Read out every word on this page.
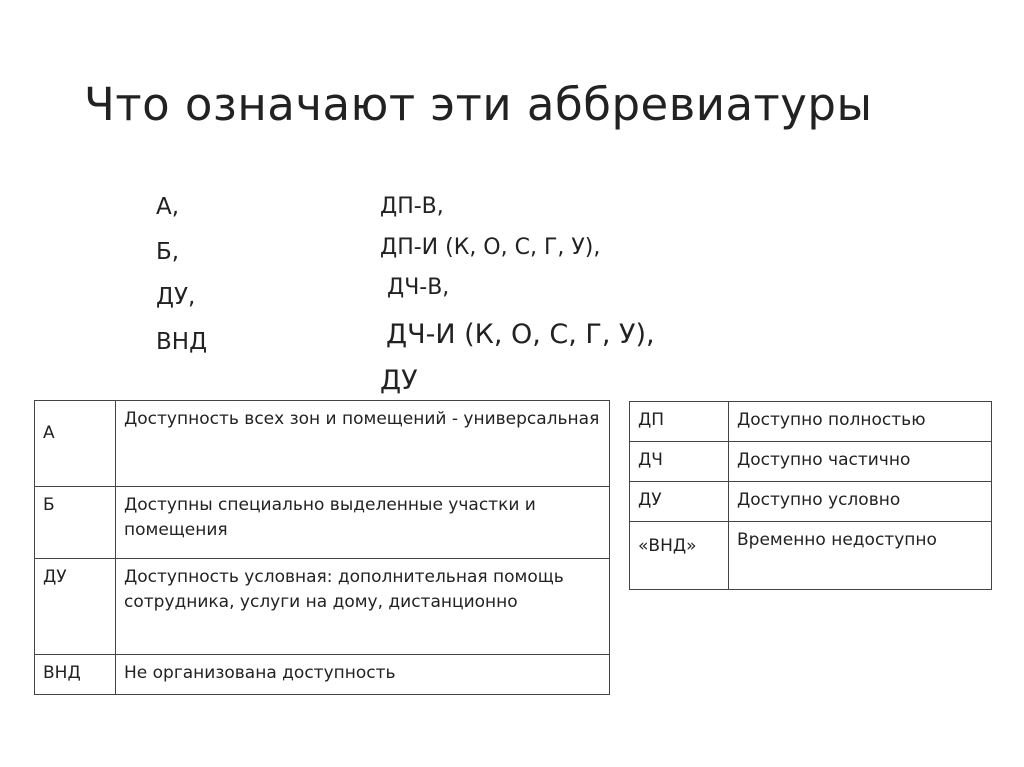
Что означают эти аббревиатуры
А,
Б,
ДУ,
ВНД
ДП-В,
ДП-И (К, О, С, Г, У),
ДЧ-В,
ДЧ-И (К, О, С, Г, У),
ДУ
А	Доступность всех зон и помещений - универсальная
Б	Доступны специально выделенные участки и помещения
ДУ	Доступность условная: дополнительная помощь сотрудника, услуги на дому, дистанционно
ВНД	Не организована доступность
ДП	Доступно полностью
ДЧ	Доступно частично
ДУ	Доступно условно
«ВНД»	Временно недоступно
